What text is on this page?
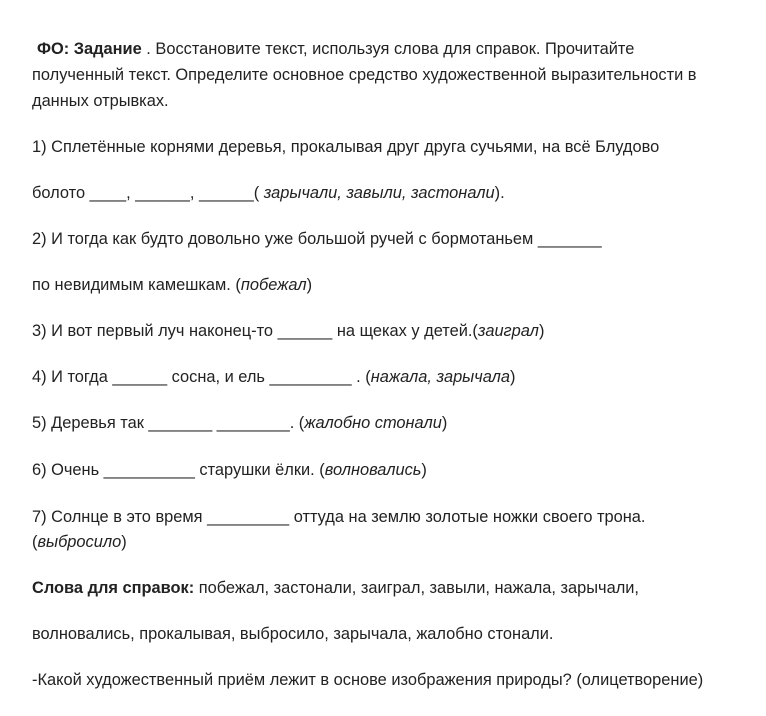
ФО: Задание . Восстановите текст, используя слова для справок. Прочитайте
полученный текст. Определите основное средство художественной выразительности в
данных отрывках.
1) Сплетённые корнями деревья, прокалывая друг друга сучьями, на всё Блудово
болото ____, ______, ______( зарычали, завыли, застонали).
2) И тогда как будто довольно уже большой ручей с бормотаньем _______
по невидимым камешкам. (побежал)
3) И вот первый луч наконец-то ______ на щеках у детей.(заиграл)
4) И тогда ______ сосна, и ель _________ . (нажала, зарычала)
5) Деревья так _______ ________. (жалобно стонали)
6) Очень __________ старушки ёлки. (волновались)
7) Солнце в это время _________ оттуда на землю золотые ножки своего трона.
(выбросило)
Слова для справок: побежал, застонали, заиграл, завыли, нажала, зарычали,
волновались, прокалывая, выбросило, зарычала, жалобно стонали.
-Какой художественный приём лежит в основе изображения природы? (олицетворение)
